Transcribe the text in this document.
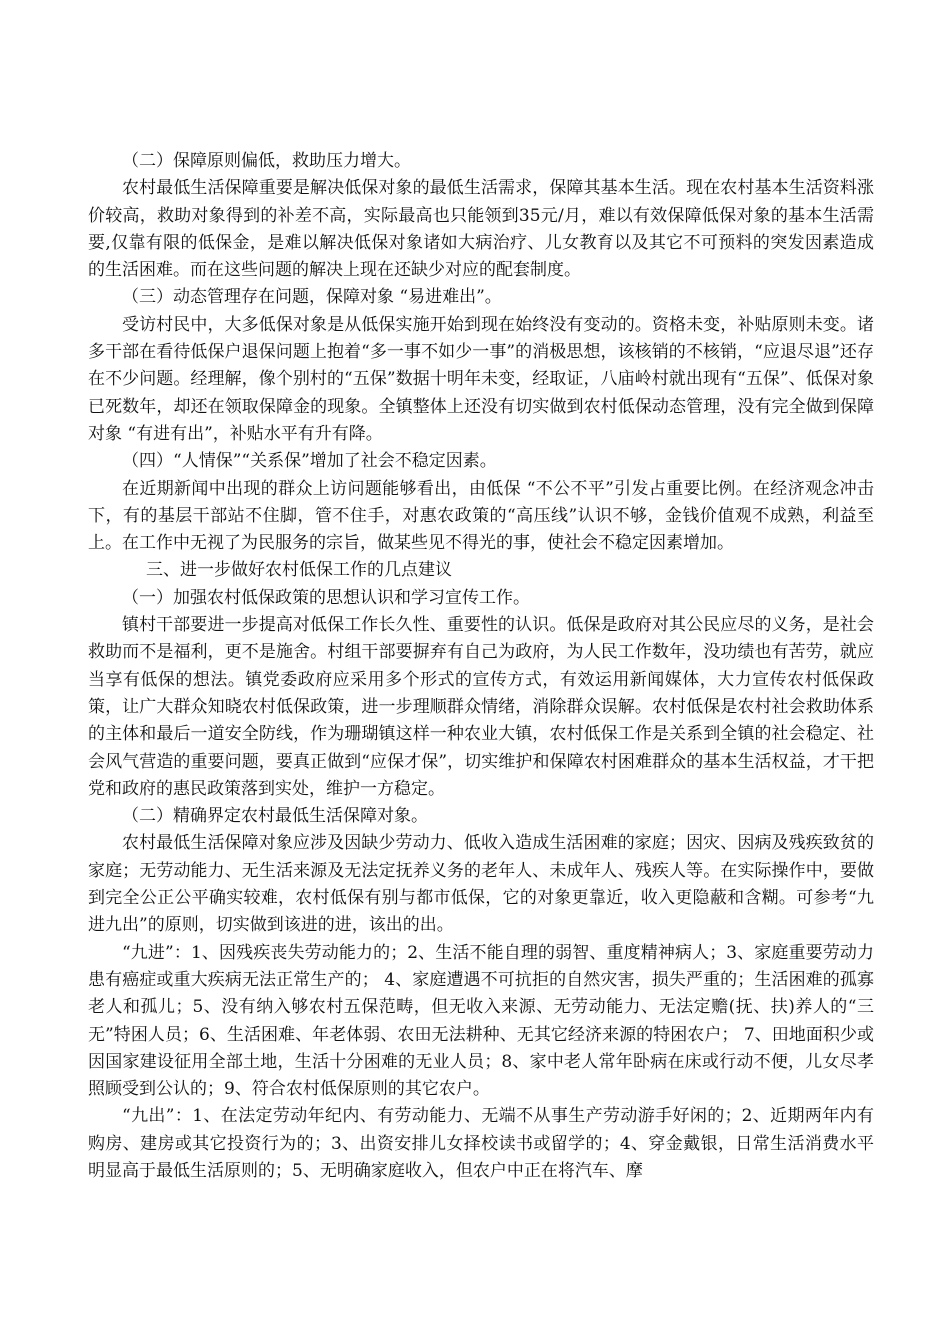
（二）保障原则偏低，救助压力增大。

农村最低生活保障重要是解决低保对象的最低生活需求，保障其基本生活。现在农村基本生活资料涨价较高，救助对象得到的补差不高，实际最高也只能领到35元/月，难以有效保障低保对象的基本生活需要,仅靠有限的低保金，是难以解决低保对象诸如大病治疗、儿女教育以及其它不可预料的突发因素造成的生活困难。而在这些问题的解决上现在还缺少对应的配套制度。

（三）动态管理存在问题，保障对象 “易进难出”。

受访村民中，大多低保对象是从低保实施开始到现在始终没有变动的。资格未变，补贴原则未变。诸多干部在看待低保户退保问题上抱着“多一事不如少一事”的消极思想，该核销的不核销，“应退尽退”还存在不少问题。经理解，像个别村的“五保”数据十明年未变，经取证，八庙岭村就出现有“五保”、低保对象已死数年，却还在领取保障金的现象。全镇整体上还没有切实做到农村低保动态管理，没有完全做到保障对象 “有进有出”，补贴水平有升有降。

（四）“人情保”“关系保”增加了社会不稳定因素。

在近期新闻中出现的群众上访问题能够看出，由低保 “不公不平”引发占重要比例。在经济观念冲击下，有的基层干部站不住脚，管不住手，对惠农政策的“高压线”认识不够，金钱价值观不成熟，利益至上。在工作中无视了为民服务的宗旨，做某些见不得光的事，使社会不稳定因素增加。

三、进一步做好农村低保工作的几点建议

（一）加强农村低保政策的思想认识和学习宣传工作。

镇村干部要进一步提高对低保工作长久性、重要性的认识。低保是政府对其公民应尽的义务，是社会救助而不是福利，更不是施舍。村组干部要摒弃有自己为政府，为人民工作数年，没功绩也有苦劳，就应当享有低保的想法。镇党委政府应采用多个形式的宣传方式，有效运用新闻媒体，大力宣传农村低保政策，让广大群众知晓农村低保政策，进一步理顺群众情绪，消除群众误解。农村低保是农村社会救助体系的主体和最后一道安全防线，作为珊瑚镇这样一种农业大镇，农村低保工作是关系到全镇的社会稳定、社会风气营造的重要问题，要真正做到“应保才保”，切实维护和保障农村困难群众的基本生活权益，才干把党和政府的惠民政策落到实处，维护一方稳定。

（二）精确界定农村最低生活保障对象。

农村最低生活保障对象应涉及因缺少劳动力、低收入造成生活困难的家庭；因灾、因病及残疾致贫的家庭；无劳动能力、无生活来源及无法定抚养义务的老年人、未成年人、残疾人等。在实际操作中，要做到完全公正公平确实较难，农村低保有别与都市低保，它的对象更靠近，收入更隐蔽和含糊。可参考“九进九出”的原则，切实做到该进的进，该出的出。

“九进”：1、因残疾丧失劳动能力的；2、生活不能自理的弱智、重度精神病人；3、家庭重要劳动力患有癌症或重大疾病无法正常生产的； 4、家庭遭遇不可抗拒的自然灾害，损失严重的；生活困难的孤寡老人和孤儿；5、没有纳入够农村五保范畴，但无收入来源、无劳动能力、无法定赡(抚、扶)养人的“三无”特困人员；6、生活困难、年老体弱、农田无法耕种、无其它经济来源的特困农户； 7、田地面积少或因国家建设征用全部土地，生活十分困难的无业人员；8、家中老人常年卧病在床或行动不便，儿女尽孝照顾受到公认的；9、符合农村低保原则的其它农户。

“九出”：1、在法定劳动年纪内、有劳动能力、无端不从事生产劳动游手好闲的；2、近期两年内有购房、建房或其它投资行为的；3、出资安排儿女择校读书或留学的；4、穿金戴银，日常生活消费水平明显高于最低生活原则的；5、无明确家庭收入，但农户中正在将汽车、摩
